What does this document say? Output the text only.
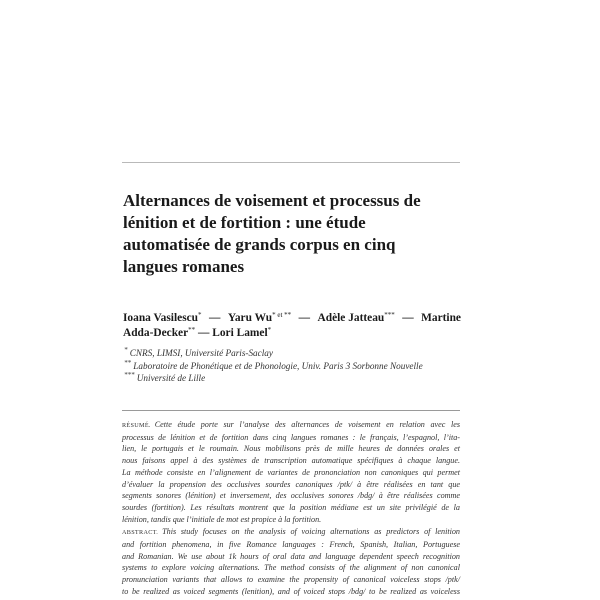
Alternances de voisement et processus de
lénition et de fortition : une étude
automatisée de grands corpus en cinq
langues romanes
Ioana Vasilescu* — Yaru $Wu^{* et **}$ — Adèle Jatteau*** — Martine
Adda-Decker** — Lori Lamel*
* CNRS, LIMSI, Université Paris-Saclay
** Laboratoire de Phonétique et de Phonologie, Univ. Paris 3 Sorbonne Nouvelle
*** Université de Lille
RÉSUMÉ. Cette étude porte sur l’analyse des alternances de voisement en relation avec les
processus de lénition et de fortition dans cinq langues romanes : le français, l’espagnol, l’ita-
lien, le portugais et le roumain. Nous mobilisons près de mille heures de données orales et
nous faisons appel à des systèmes de transcription automatique spécifiques à chaque langue.
La méthode consiste en l’alignement de variantes de prononciation non canoniques qui permet
d’évaluer la propension des occlusives sourdes canoniques /ptk/ à être réalisées en tant que
segments sonores (lénition) et inversement, des occlusives sonores /bdg/ à être réalisées comme
sourdes (fortition). Les résultats montrent que la position médiane est un site privilégié de la
lénition, tandis que l’initiale de mot est propice à la fortition.
ABSTRACT. This study focuses on the analysis of voicing alternations as predictors of lenition
and fortition phenomena, in five Romance languages : French, Spanish, Italian, Portuguese
and Romanian. We use about 1k hours of oral data and language dependent speech recognition
systems to explore voicing alternations. The method consists of the alignment of non canonical
pronunciation variants that allows to examine the propensity of canonical voiceless stops /ptk/
to be realized as voiced segments (lenition), and of voiced stops /bdg/ to be realized as voiceless
